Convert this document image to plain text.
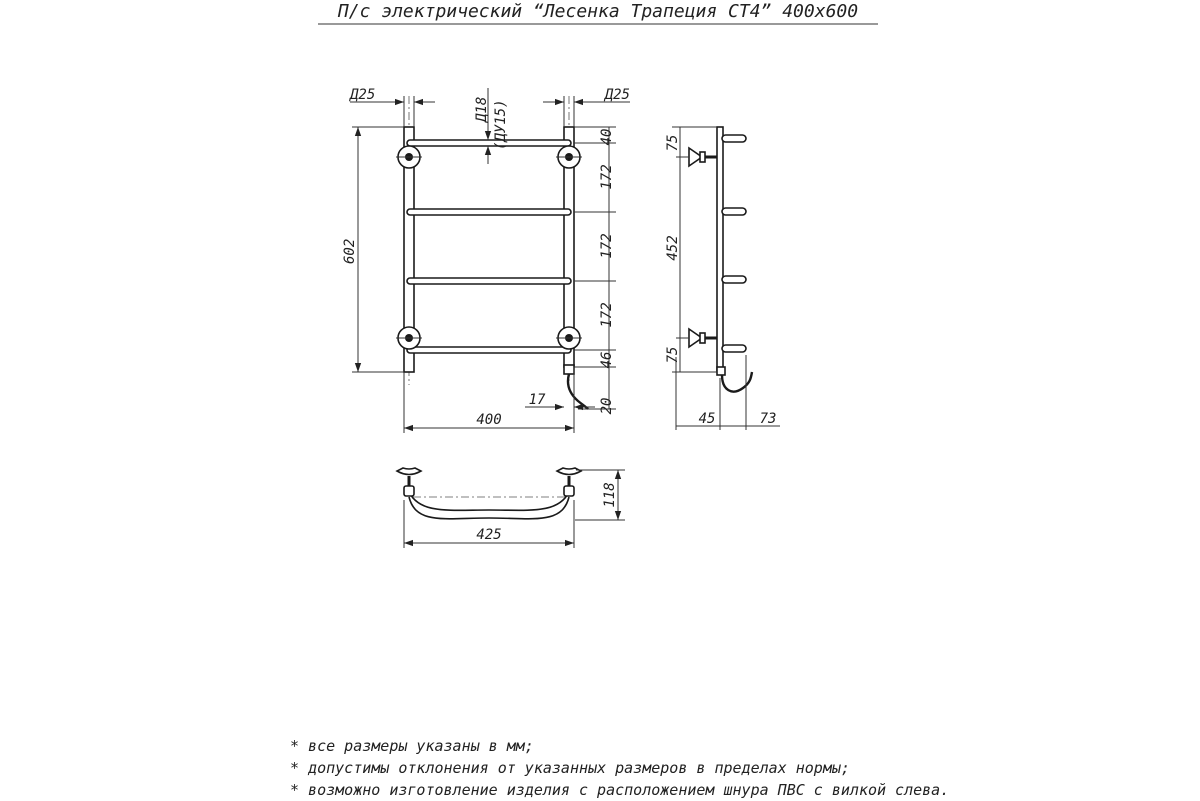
П/с электрический “Лесенка Трапеция СТ4” 400х600
Д25	Д25
Д18 (ДУ15)
602
40
172
172
172
46
20
400
17
75
452
75
45	73
118
425
* все размеры указаны в мм;
* допустимы отклонения от указанных размеров в пределах нормы;
* возможно изготовление изделия с расположением шнура ПВС с вилкой слева.
